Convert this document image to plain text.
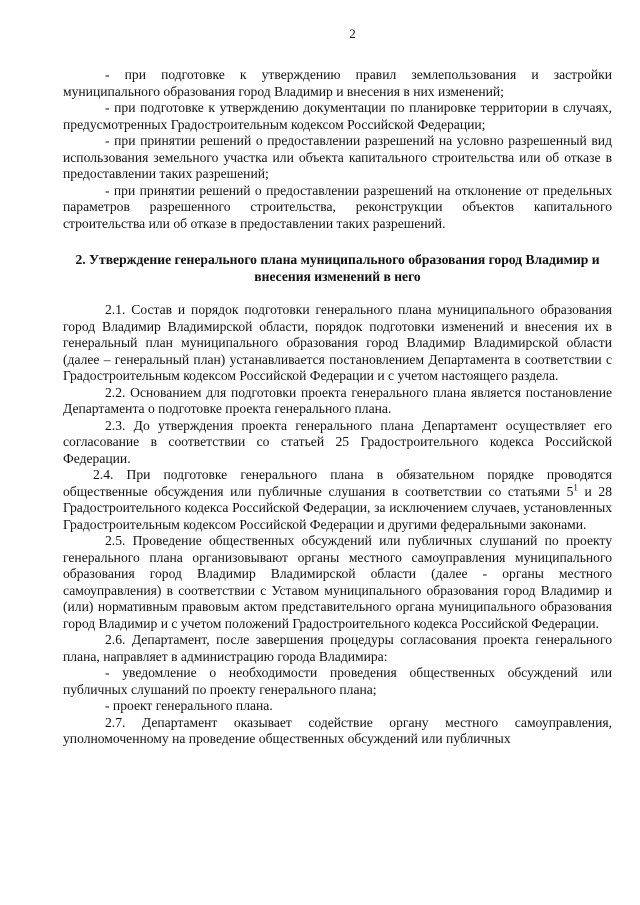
2

- при подготовке к утверждению правил землепользования и застройки муниципального образования город Владимир и внесения в них изменений;

- при подготовке к утверждению документации по планировке территории в случаях, предусмотренных Градостроительным кодексом Российской Федерации;

- при принятии решений о предоставлении разрешений на условно разрешенный вид использования земельного участка или объекта капитального строительства или об отказе в предоставлении таких разрешений;

- при принятии решений о предоставлении разрешений на отклонение от предельных параметров разрешенного строительства, реконструкции объектов капитального строительства или об отказе в предоставлении таких разрешений.

2. Утверждение генерального плана муниципального образования город Владимир и внесения изменений в него

2.1. Состав и порядок подготовки генерального плана муниципального образования город Владимир Владимирской области, порядок подготовки изменений и внесения их в генеральный план муниципального образования город Владимир Владимирской области (далее – генеральный план) устанавливается постановлением Департамента в соответствии с Градостроительным кодексом Российской Федерации и с учетом настоящего раздела.

2.2. Основанием для подготовки проекта генерального плана является постановление Департамента о подготовке проекта генерального плана.

2.3. До утверждения проекта генерального плана Департамент осуществляет его согласование в соответствии со статьей 25 Градостроительного кодекса Российской Федерации.

2.4. При подготовке генерального плана в обязательном порядке проводятся общественные обсуждения или публичные слушания в соответствии со статьями $5^1$ и 28 Градостроительного кодекса Российской Федерации, за исключением случаев, установленных Градостроительным кодексом Российской Федерации и другими федеральными законами.

2.5. Проведение общественных обсуждений или публичных слушаний по проекту генерального плана организовывают органы местного самоуправления муниципального образования город Владимир Владимирской области (далее - органы местного самоуправления) в соответствии с Уставом муниципального образования город Владимир и (или) нормативным правовым актом представительного органа муниципального образования город Владимир и с учетом положений Градостроительного кодекса Российской Федерации.

2.6. Департамент, после завершения процедуры согласования проекта генерального плана, направляет в администрацию города Владимира:

- уведомление о необходимости проведения общественных обсуждений или публичных слушаний по проекту генерального плана;

- проект генерального плана.

2.7. Департамент оказывает содействие органу местного самоуправления, уполномоченному на проведение общественных обсуждений или публичных
